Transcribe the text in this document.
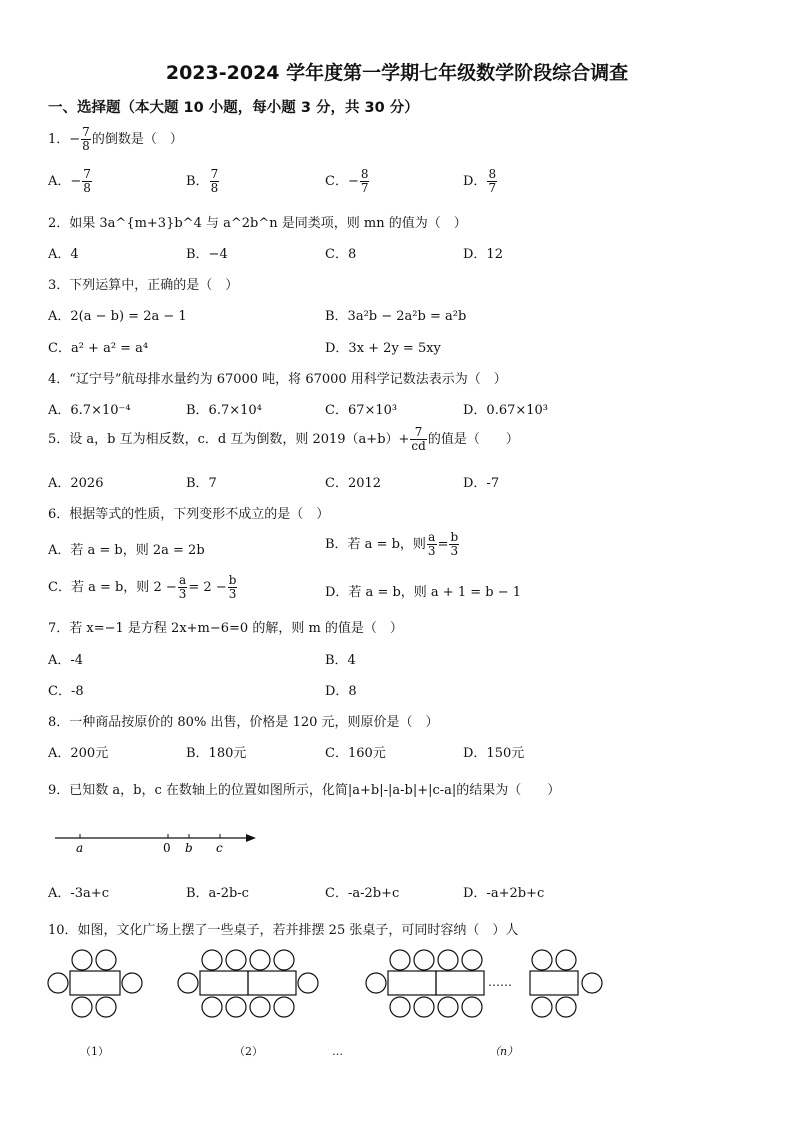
2023-2024 学年度第一学期七年级数学阶段综合调查
一、选择题（本大题 10 小题，每小题 3 分，共 30 分）
1．− $\frac{7}{8}$ 的倒数是（　）
A．− $\frac{7}{8}$	B． $\frac{7}{8}$	C．− $\frac{8}{7}$	D． $\frac{8}{7}$
2．如果 3a^{m+3}b^4 与 a^2b^n 是同类项，则 mn 的值为（　）
A．4	B．−4	C．8	D．12
3．下列运算中，正确的是（　）
A．2(a − b) = 2a − 1	B．3a²b − 2a²b = a²b
C．a² + a² = a⁴	D．3x + 2y = 5xy
4．“辽宁号”航母排水量约为 67000 吨，将 67000 用科学记数法表示为（　）
A．6.7×10⁻⁴	B．6.7×10⁴	C．67×10³	D．0.67×10³
5．设 a，b 互为相反数，c．d 互为倒数，则 $2019(a+b)+ \frac{7}{cd}$ 的值是（　　）
A．2026	B．7	C．2012	D．-7
6．根据等式的性质，下列变形不成立的是（　）
A．若 a = b，则 2a = 2b	B．若 a = b，则 $\frac{a}{3} = \frac{b}{3}$
C．若 a = b，则 $2 - \frac{a}{3} = 2 - \frac{b}{3}$	D．若 a = b，则 a + 1 = b − 1
7．若 x=−1 是方程 2x+m−6=0 的解，则 m 的值是（　）
A．-4	B．4
C．-8	D．8
8．一种商品按原价的 80% 出售，价格是 120 元，则原价是（　）
A．200元	B．180元	C．160元	D．150元
9．已知数 a，b，c 在数轴上的位置如图所示，化简|a+b|-|a-b|+|c-a|的结果为（　　）
a	0 b c
A．-3a+c	B．a-2b-c	C．-a-2b+c	D．-a+2b+c
10．如图，文化广场上摆了一些桌子，若并排摆 25 张桌子，可同时容纳（　）人
……
（1）	（2）	…	（n）
